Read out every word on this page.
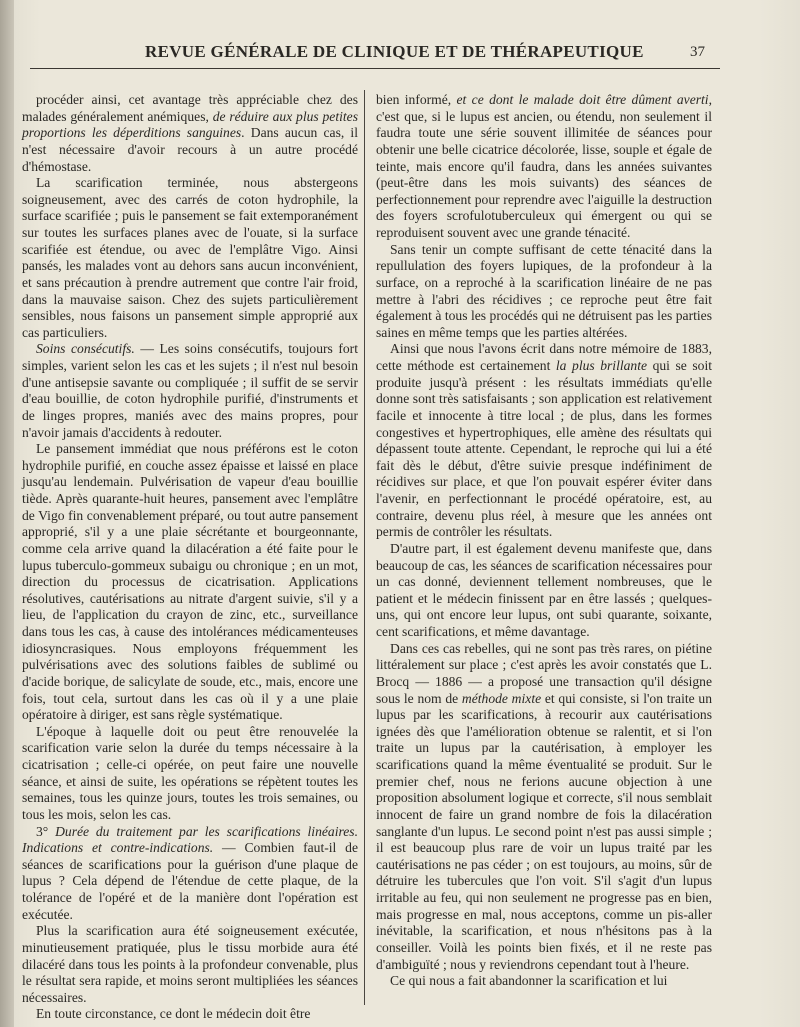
REVUE GÉNÉRALE DE CLINIQUE ET DE THÉRAPEUTIQUE	37

procéder ainsi, cet avantage très appréciable chez des malades généralement anémiques, de réduire aux plus petites proportions les déperditions sanguines. Dans aucun cas, il n'est nécessaire d'avoir recours à un autre procédé d'hémostase.

La scarification terminée, nous abstergeons soigneusement, avec des carrés de coton hydrophile, la surface scarifiée ; puis le pansement se fait extemporanément sur toutes les surfaces planes avec de l'ouate, si la surface scarifiée est étendue, ou avec de l'emplâtre Vigo. Ainsi pansés, les malades vont au dehors sans aucun inconvénient, et sans précaution à prendre autrement que contre l'air froid, dans la mauvaise saison. Chez des sujets particulièrement sensibles, nous faisons un pansement simple approprié aux cas particuliers.

Soins consécutifs. — Les soins consécutifs, toujours fort simples, varient selon les cas et les sujets ; il n'est nul besoin d'une antisepsie savante ou compliquée ; il suffit de se servir d'eau bouillie, de coton hydrophile purifié, d'instruments et de linges propres, maniés avec des mains propres, pour n'avoir jamais d'accidents à redouter.

Le pansement immédiat que nous préférons est le coton hydrophile purifié, en couche assez épaisse et laissé en place jusqu'au lendemain. Pulvérisation de vapeur d'eau bouillie tiède. Après quarante-huit heures, pansement avec l'emplâtre de Vigo fin convenablement préparé, ou tout autre pansement approprié, s'il y a une plaie sécrétante et bourgeonnante, comme cela arrive quand la dilacération a été faite pour le lupus tuberculo-gommeux subaigu ou chronique ; en un mot, direction du processus de cicatrisation. Applications résolutives, cautérisations au nitrate d'argent suivie, s'il y a lieu, de l'application du crayon de zinc, etc., surveillance dans tous les cas, à cause des intolérances médicamenteuses idiosyncrasiques. Nous employons fréquemment les pulvérisations avec des solutions faibles de sublimé ou d'acide borique, de salicylate de soude, etc., mais, encore une fois, tout cela, surtout dans les cas où il y a une plaie opératoire à diriger, est sans règle systématique.

L'époque à laquelle doit ou peut être renouvelée la scarification varie selon la durée du temps nécessaire à la cicatrisation ; celle-ci opérée, on peut faire une nouvelle séance, et ainsi de suite, les opérations se répètent toutes les semaines, tous les quinze jours, toutes les trois semaines, ou tous les mois, selon les cas.

3° Durée du traitement par les scarifications linéaires. Indications et contre-indications. — Combien faut-il de séances de scarifications pour la guérison d'une plaque de lupus ? Cela dépend de l'étendue de cette plaque, de la tolérance de l'opéré et de la manière dont l'opération est exécutée.

Plus la scarification aura été soigneusement exécutée, minutieusement pratiquée, plus le tissu morbide aura été dilacéré dans tous les points à la profondeur convenable, plus le résultat sera rapide, et moins seront multipliées les séances nécessaires.

En toute circonstance, ce dont le médecin doit être

bien informé, et ce dont le malade doit être dûment averti, c'est que, si le lupus est ancien, ou étendu, non seulement il faudra toute une série souvent illimitée de séances pour obtenir une belle cicatrice décolorée, lisse, souple et égale de teinte, mais encore qu'il faudra, dans les années suivantes (peut-être dans les mois suivants) des séances de perfectionnement pour reprendre avec l'aiguille la destruction des foyers scrofulotuberculeux qui émergent ou qui se reproduisent souvent avec une grande ténacité.

Sans tenir un compte suffisant de cette ténacité dans la repullulation des foyers lupiques, de la profondeur à la surface, on a reproché à la scarification linéaire de ne pas mettre à l'abri des récidives ; ce reproche peut être fait également à tous les procédés qui ne détruisent pas les parties saines en même temps que les parties altérées.

Ainsi que nous l'avons écrit dans notre mémoire de 1883, cette méthode est certainement la plus brillante qui se soit produite jusqu'à présent : les résultats immédiats qu'elle donne sont très satisfaisants ; son application est relativement facile et innocente à titre local ; de plus, dans les formes congestives et hypertrophiques, elle amène des résultats qui dépassent toute attente. Cependant, le reproche qui lui a été fait dès le début, d'être suivie presque indéfiniment de récidives sur place, et que l'on pouvait espérer éviter dans l'avenir, en perfectionnant le procédé opératoire, est, au contraire, devenu plus réel, à mesure que les années ont permis de contrôler les résultats.

D'autre part, il est également devenu manifeste que, dans beaucoup de cas, les séances de scarification nécessaires pour un cas donné, deviennent tellement nombreuses, que le patient et le médecin finissent par en être lassés ; quelques-uns, qui ont encore leur lupus, ont subi quarante, soixante, cent scarifications, et même davantage.

Dans ces cas rebelles, qui ne sont pas très rares, on piétine littéralement sur place ; c'est après les avoir constatés que L. Brocq — 1886 — a proposé une transaction qu'il désigne sous le nom de méthode mixte et qui consiste, si l'on traite un lupus par les scarifications, à recourir aux cautérisations ignées dès que l'amélioration obtenue se ralentit, et si l'on traite un lupus par la cautérisation, à employer les scarifications quand la même éventualité se produit. Sur le premier chef, nous ne ferions aucune objection à une proposition absolument logique et correcte, s'il nous semblait innocent de faire un grand nombre de fois la dilacération sanglante d'un lupus. Le second point n'est pas aussi simple ; il est beaucoup plus rare de voir un lupus traité par les cautérisations ne pas céder ; on est toujours, au moins, sûr de détruire les tubercules que l'on voit. S'il s'agit d'un lupus irritable au feu, qui non seulement ne progresse pas en bien, mais progresse en mal, nous acceptons, comme un pis-aller inévitable, la scarification, et nous n'hésitons pas à la conseiller. Voilà les points bien fixés, et il ne reste pas d'ambiguïté ; nous y reviendrons cependant tout à l'heure.

Ce qui nous a fait abandonner la scarification et lui
